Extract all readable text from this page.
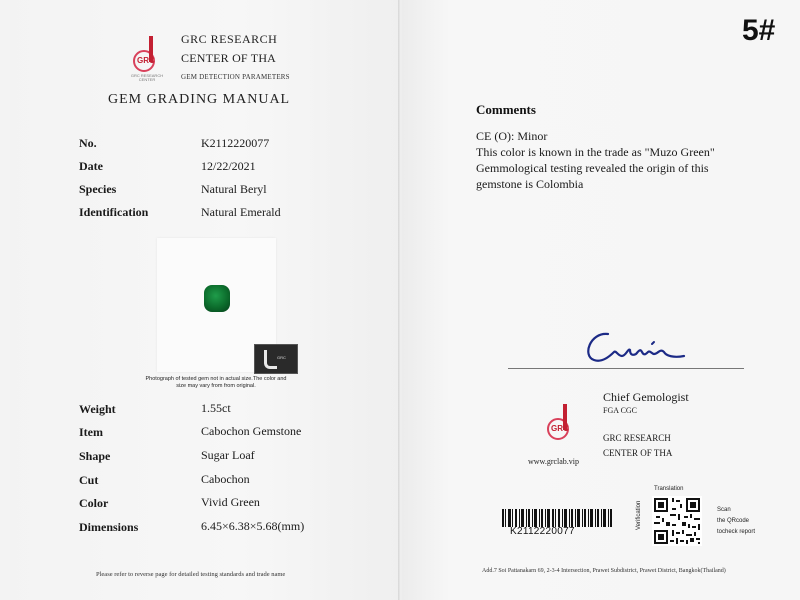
GRC
GRC RESEARCH CENTER
GRC RESEARCH
CENTER OF THA
GEM DETECTION PARAMETERS
GEM GRADING MANUAL
No.	K2112220077
Date	12/22/2021
Species	Natural Beryl
Identification	Natural Emerald
GRC
Photograph of tested gem not in actual size.The color and size may vary from from original.
Weight	1.55ct
Item	Cabochon Gemstone
Shape	Sugar Loaf
Cut	Cabochon
Color	Vivid Green
Dimensions	6.45×6.38×5.68(mm)
Please refer to reverse page for detailed testing standards and trade name
5#
Comments
CE (O): Minor
This color is known in the trade as "Muzo Green"
Gemmological testing revealed the origin of this
gemstone is Colombia
Chief Gemologist
FGA CGC
GRC
GRC RESEARCH
CENTER OF THA
www.grclab.vip
K2112220077
Translation
Verification	Scan
the QRcode
tocheck report
Add.7 Soi Pattanakarn 69, 2-3-4 Intersection, Prawet Subdistrict, Prawet District, Bangkok(Thailand)
